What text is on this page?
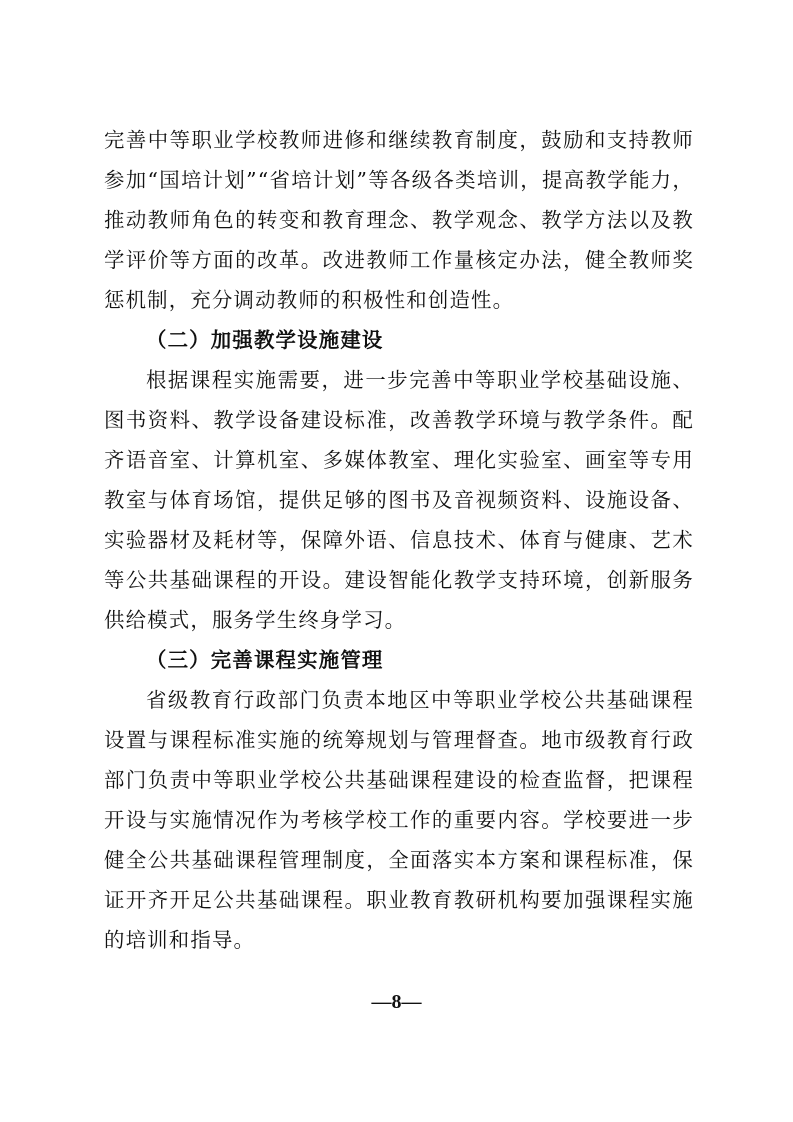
完善中等职业学校教师进修和继续教育制度，鼓励和支持教师参加“国培计划”“省培计划”等各级各类培训，提高教学能力，推动教师角色的转变和教育理念、教学观念、教学方法以及教学评价等方面的改革。改进教师工作量核定办法，健全教师奖惩机制，充分调动教师的积极性和创造性。

（二）加强教学设施建设

根据课程实施需要，进一步完善中等职业学校基础设施、图书资料、教学设备建设标准，改善教学环境与教学条件。配齐语音室、计算机室、多媒体教室、理化实验室、画室等专用教室与体育场馆，提供足够的图书及音视频资料、设施设备、实验器材及耗材等，保障外语、信息技术、体育与健康、艺术等公共基础课程的开设。建设智能化教学支持环境，创新服务供给模式，服务学生终身学习。

（三）完善课程实施管理

省级教育行政部门负责本地区中等职业学校公共基础课程设置与课程标准实施的统筹规划与管理督查。地市级教育行政部门负责中等职业学校公共基础课程建设的检查监督，把课程开设与实施情况作为考核学校工作的重要内容。学校要进一步健全公共基础课程管理制度，全面落实本方案和课程标准，保证开齐开足公共基础课程。职业教育教研机构要加强课程实施的培训和指导。

—8—
